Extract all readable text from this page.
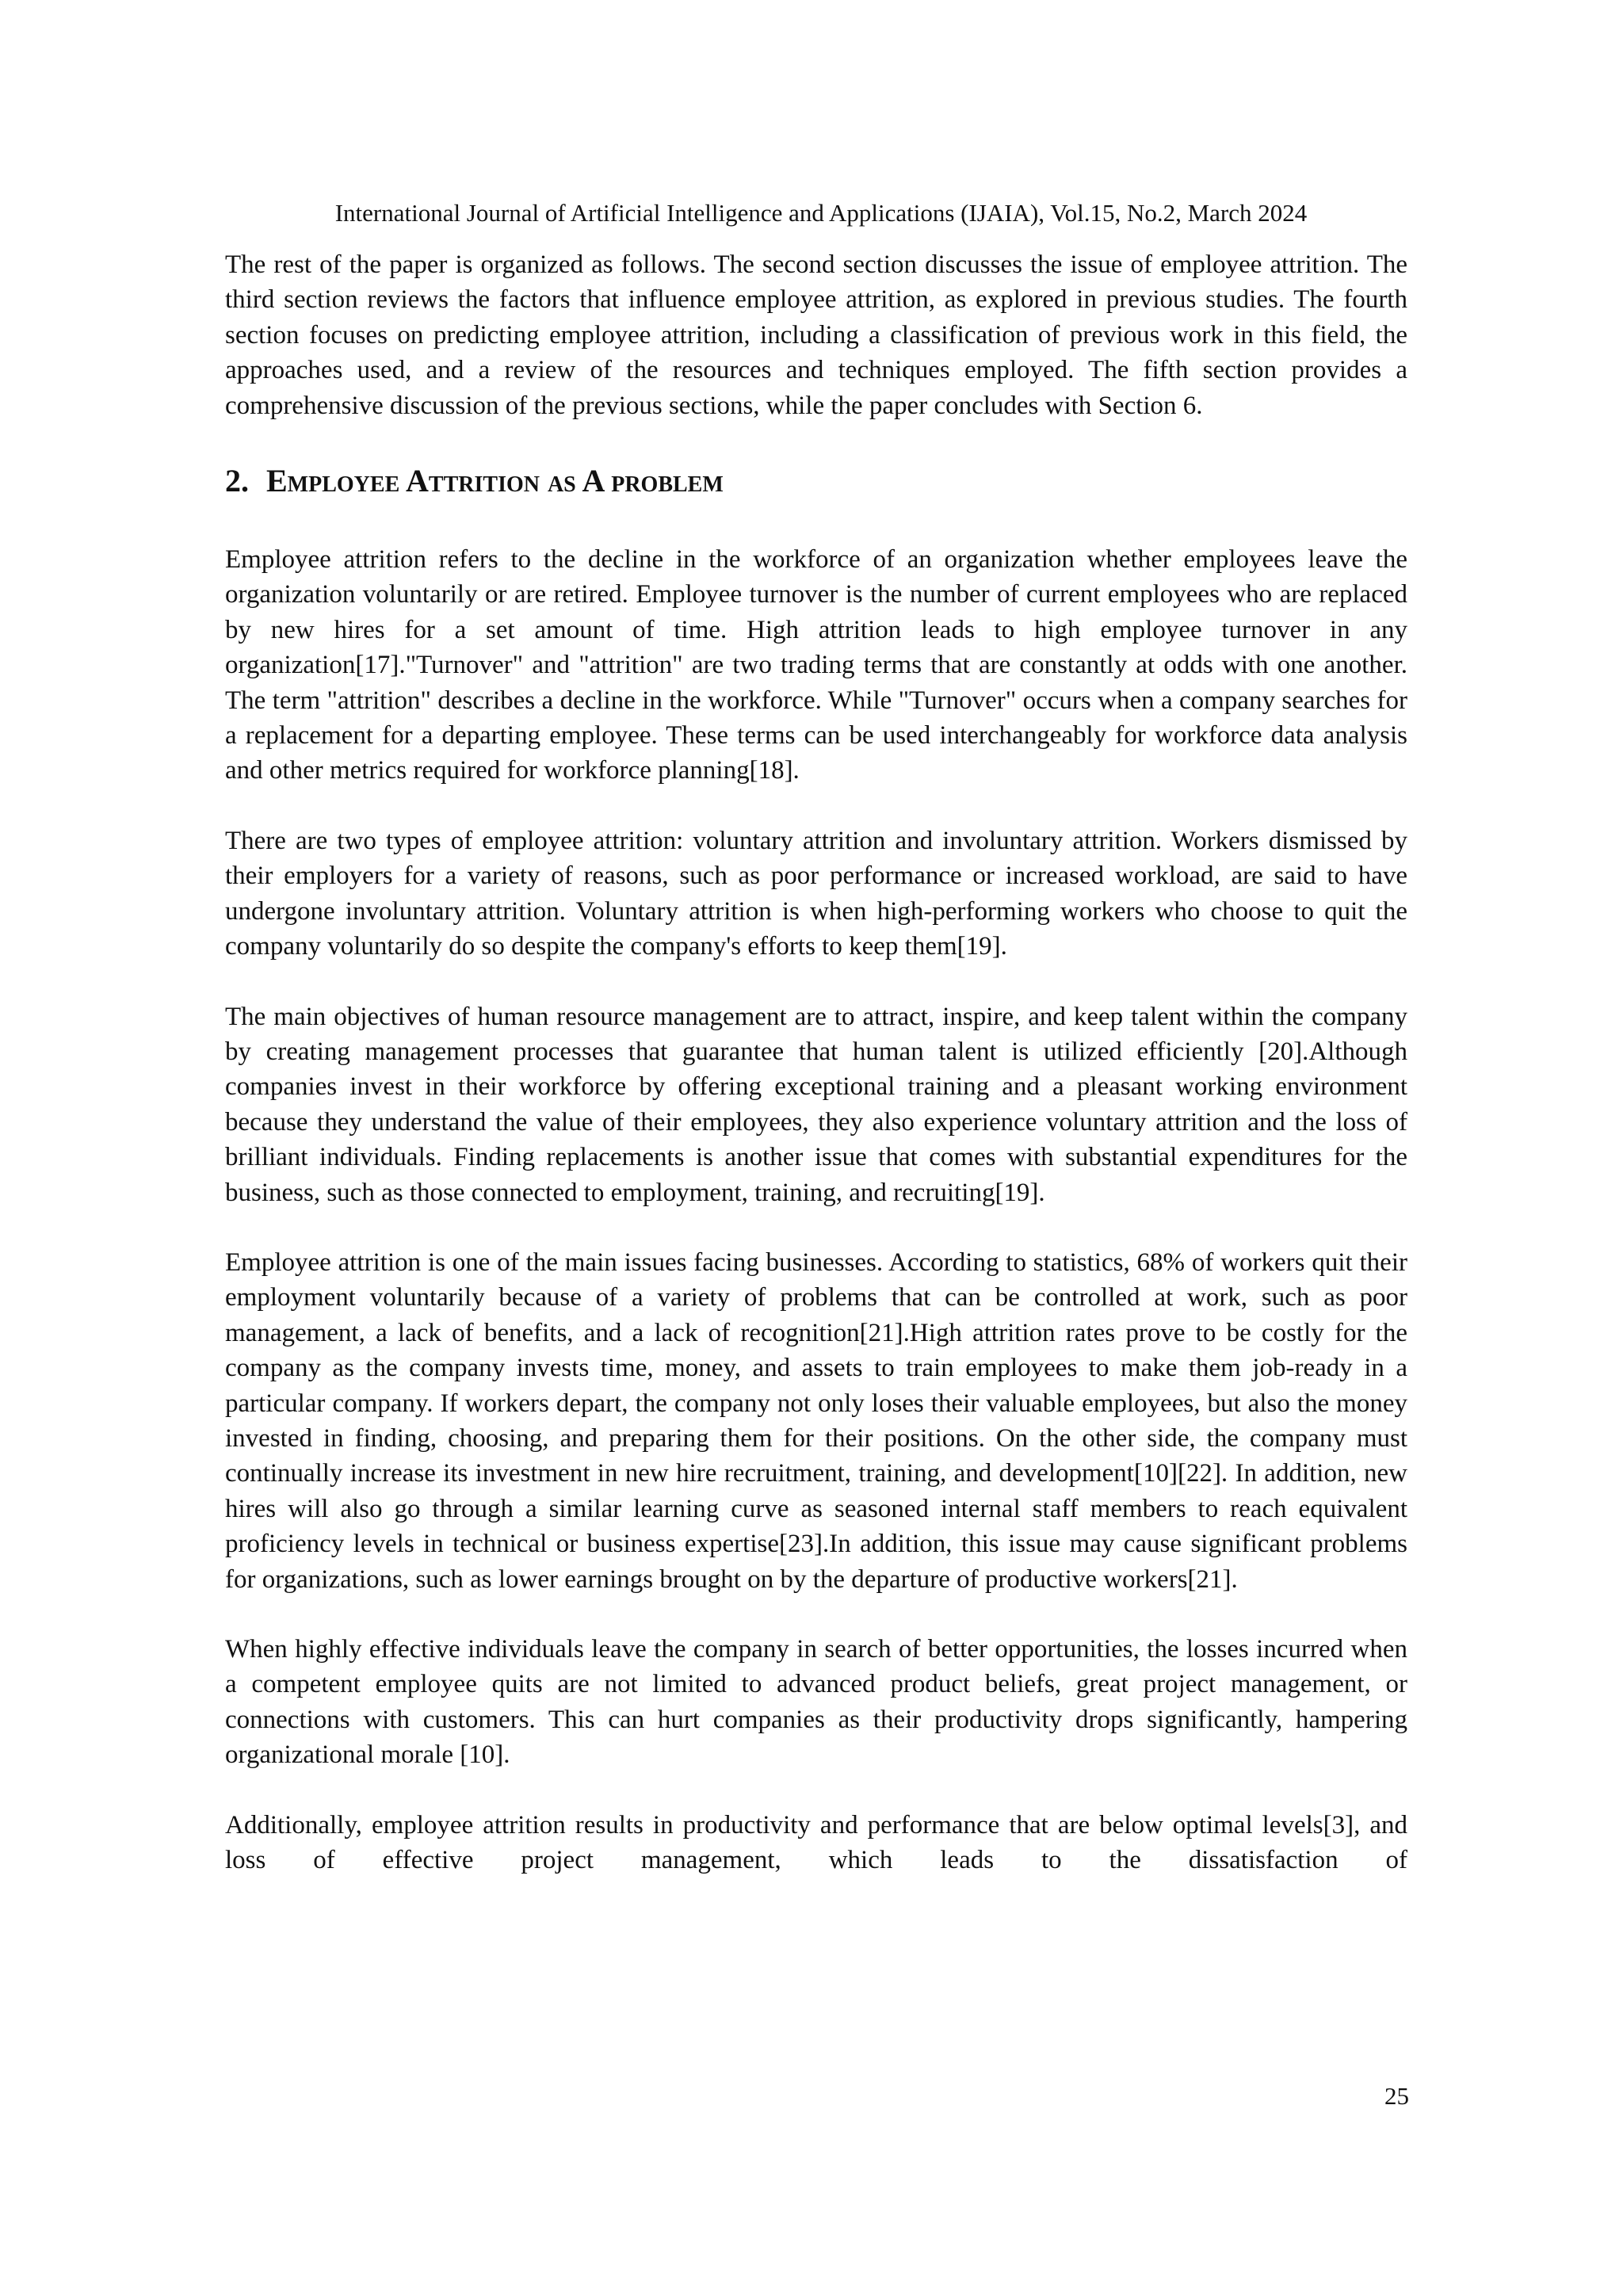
International Journal of Artificial Intelligence and Applications (IJAIA), Vol.15, No.2, March 2024

The rest of the paper is organized as follows. The second section discusses the issue of employee attrition. The third section reviews the factors that influence employee attrition, as explored in previous studies. The fourth section focuses on predicting employee attrition, including a classification of previous work in this field, the approaches used, and a review of the resources and techniques employed. The fifth section provides a comprehensive discussion of the previous sections, while the paper concludes with Section 6.

2. Employee Attrition as A problem

Employee attrition refers to the decline in the workforce of an organization whether employees leave the organization voluntarily or are retired. Employee turnover is the number of current employees who are replaced by new hires for a set amount of time. High attrition leads to high employee turnover in any organization[17]."Turnover" and "attrition" are two trading terms that are constantly at odds with one another. The term "attrition" describes a decline in the workforce. While "Turnover" occurs when a company searches for a replacement for a departing employee. These terms can be used interchangeably for workforce data analysis and other metrics required for workforce planning[18].

There are two types of employee attrition: voluntary attrition and involuntary attrition. Workers dismissed by their employers for a variety of reasons, such as poor performance or increased workload, are said to have undergone involuntary attrition. Voluntary attrition is when high-performing workers who choose to quit the company voluntarily do so despite the company's efforts to keep them[19].

The main objectives of human resource management are to attract, inspire, and keep talent within the company by creating management processes that guarantee that human talent is utilized efficiently [20].Although companies invest in their workforce by offering exceptional training and a pleasant working environment because they understand the value of their employees, they also experience voluntary attrition and the loss of brilliant individuals. Finding replacements is another issue that comes with substantial expenditures for the business, such as those connected to employment, training, and recruiting[19].

Employee attrition is one of the main issues facing businesses. According to statistics, 68% of workers quit their employment voluntarily because of a variety of problems that can be controlled at work, such as poor management, a lack of benefits, and a lack of recognition[21].High attrition rates prove to be costly for the company as the company invests time, money, and assets to train employees to make them job-ready in a particular company. If workers depart, the company not only loses their valuable employees, but also the money invested in finding, choosing, and preparing them for their positions. On the other side, the company must continually increase its investment in new hire recruitment, training, and development[10][22]. In addition, new hires will also go through a similar learning curve as seasoned internal staff members to reach equivalent proficiency levels in technical or business expertise[23].In addition, this issue may cause significant problems for organizations, such as lower earnings brought on by the departure of productive workers[21].

When highly effective individuals leave the company in search of better opportunities, the losses incurred when a competent employee quits are not limited to advanced product beliefs, great project management, or connections with customers. This can hurt companies as their productivity drops significantly, hampering organizational morale [10].

Additionally, employee attrition results in productivity and performance that are below optimal levels[3], and loss of effective project management, which leads to the dissatisfaction of

25
